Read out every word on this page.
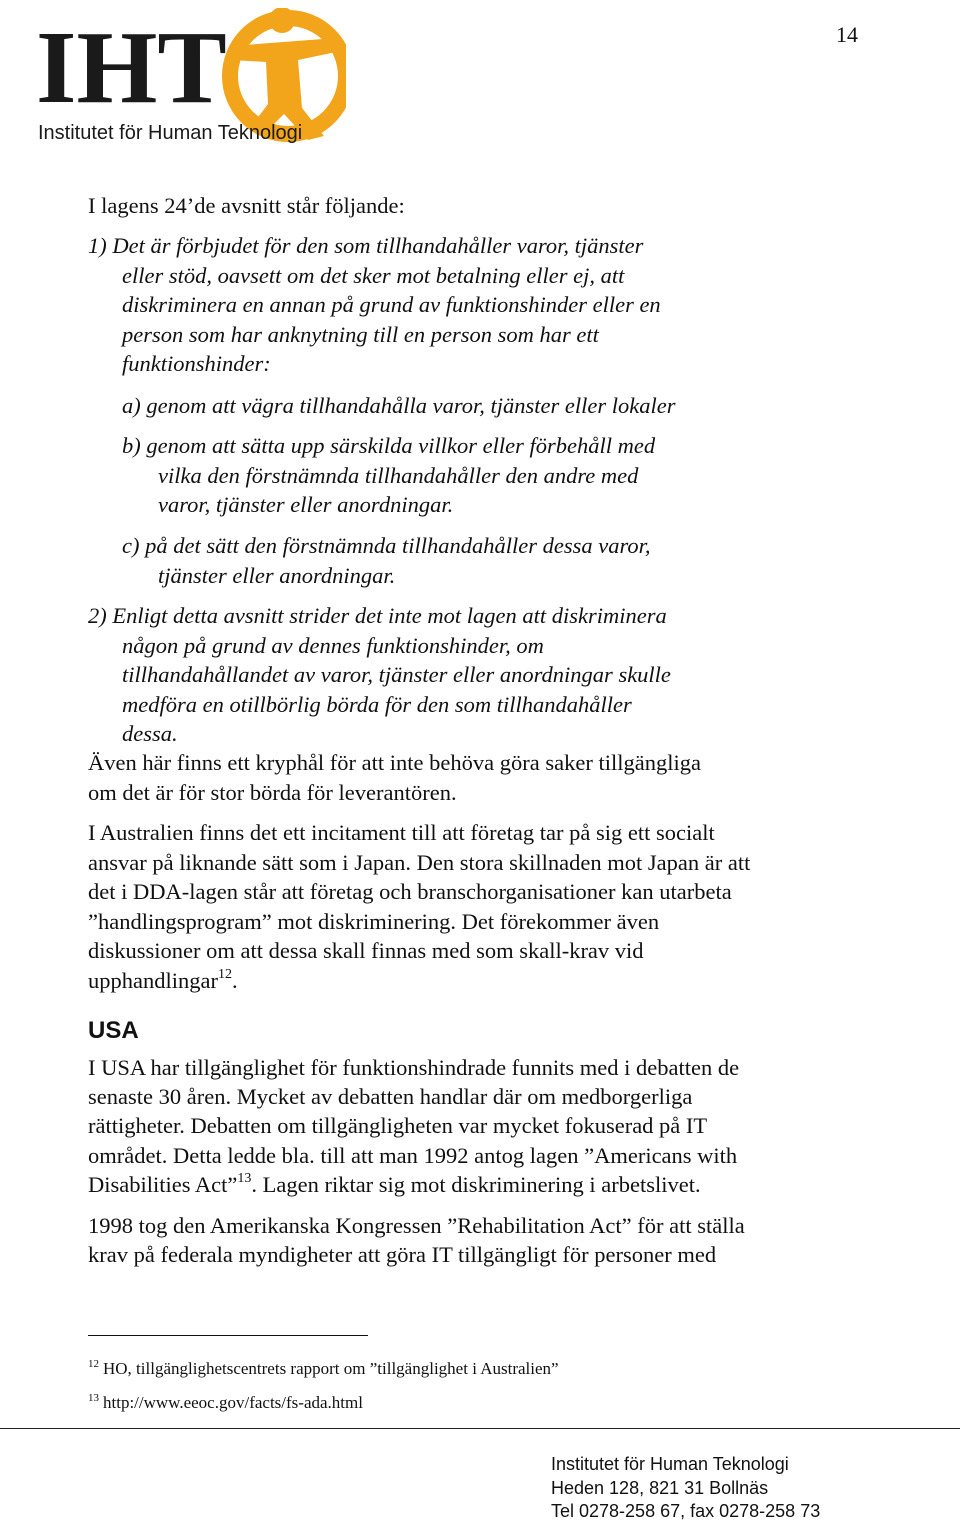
14
IHT
Institutet för Human Teknologi
I lagens 24’de avsnitt står följande:
1) Det är förbjudet för den som tillhandahåller varor, tjänster
eller stöd, oavsett om det sker mot betalning eller ej, att
diskriminera en annan på grund av funktionshinder eller en
person som har anknytning till en person som har ett
funktionshinder:
a) genom att vägra tillhandahålla varor, tjänster eller lokaler
b) genom att sätta upp särskilda villkor eller förbehåll med
vilka den förstnämnda tillhandahåller den andre med
varor, tjänster eller anordningar.
c) på det sätt den förstnämnda tillhandahåller dessa varor,
tjänster eller anordningar.
2) Enligt detta avsnitt strider det inte mot lagen att diskriminera
någon på grund av dennes funktionshinder, om
tillhandahållandet av varor, tjänster eller anordningar skulle
medföra en otillbörlig börda för den som tillhandahåller
dessa.
Även här finns ett kryphål för att inte behöva göra saker tillgängliga
om det är för stor börda för leverantören.
I Australien finns det ett incitament till att företag tar på sig ett socialt
ansvar på liknande sätt som i Japan. Den stora skillnaden mot Japan är att
det i DDA-lagen står att företag och branschorganisationer kan utarbeta
”handlingsprogram” mot diskriminering. Det förekommer även
diskussioner om att dessa skall finnas med som skall-krav vid
upphandlingar$^{12}$.
USA
I USA har tillgänglighet för funktionshindrade funnits med i debatten de
senaste 30 åren. Mycket av debatten handlar där om medborgerliga
rättigheter. Debatten om tillgängligheten var mycket fokuserad på IT
området. Detta ledde bla. till att man 1992 antog lagen ”Americans with
Disabilities Act”$^{13}$. Lagen riktar sig mot diskriminering i arbetslivet.
1998 tog den Amerikanska Kongressen ”Rehabilitation Act” för att ställa
krav på federala myndigheter att göra IT tillgängligt för personer med
$^{12}$ HO, tillgänglighetscentrets rapport om ”tillgänglighet i Australien”
$^{13}$ http://www.eeoc.gov/facts/fs-ada.html
Institutet för Human Teknologi
Heden 128, 821 31 Bollnäs
Tel 0278-258 67, fax 0278-258 73
